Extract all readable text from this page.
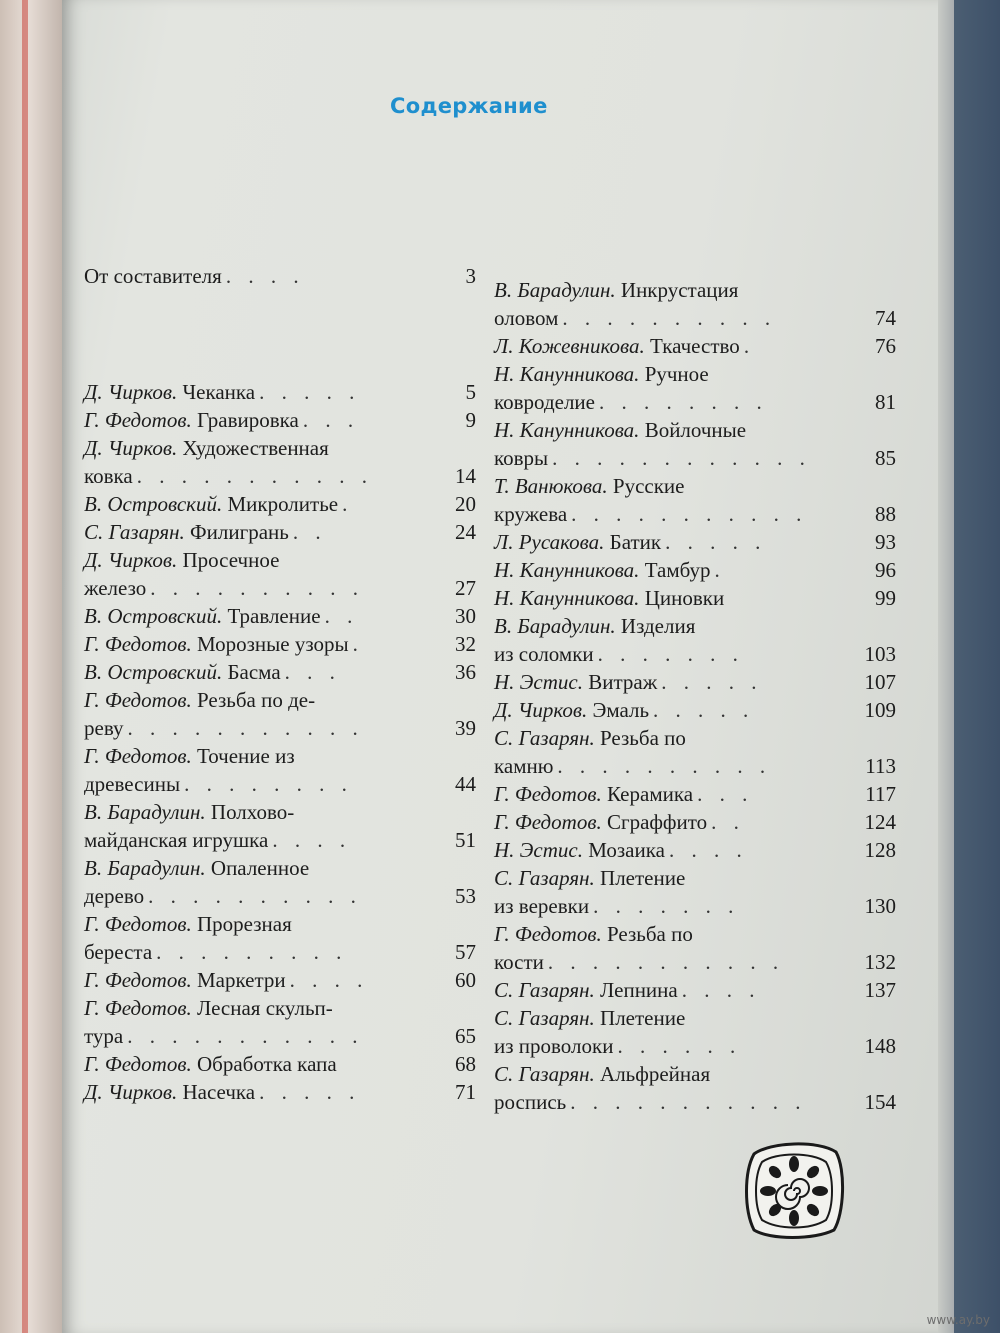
Содержание
От составителя . . . .	3
Д. Чирков. Чеканка . . . . .	5
Г. Федотов. Гравировка . . .	9
Д. Чирков. Художественная
ковка . . . . . . . . . . .	14
В. Островский. Микролитье .	20
С. Газарян. Филигрань . .	24
Д. Чирков. Просечное
железо . . . . . . . . . .	27
В. Островский. Травление . .	30
Г. Федотов. Морозные узоры .	32
В. Островский. Басма . . .	36
Г. Федотов. Резьба по де-
реву . . . . . . . . . . .	39
Г. Федотов. Точение из
древесины . . . . . . . .	44
В. Барадулин. Полхово-
майданская игрушка . . . .	51
В. Барадулин. Опаленное
дерево . . . . . . . . . .	53
Г. Федотов. Прорезная
береста . . . . . . . . .	57
Г. Федотов. Маркетри . . . .	60
Г. Федотов. Лесная скульп-
тура . . . . . . . . . . .	65
Г. Федотов. Обработка капа	68
Д. Чирков. Насечка . . . . .	71
В. Барадулин. Инкрустация
оловом . . . . . . . . . .	74
Л. Кожевникова. Ткачество .	76
Н. Канунникова. Ручное
ковроделие . . . . . . . .	81
Н. Канунникова. Войлочные
ковры . . . . . . . . . . . .	85
Т. Ванюкова. Русские
кружева . . . . . . . . . . .	88
Л. Русакова. Батик . . . . .	93
Н. Канунникова. Тамбур .	96
Н. Канунникова. Циновки	99
В. Барадулин. Изделия
из соломки . . . . . . .	103
Н. Эстис. Витраж . . . . .	107
Д. Чирков. Эмаль . . . . .	109
С. Газарян. Резьба по
камню . . . . . . . . . .	113
Г. Федотов. Керамика . . .	117
Г. Федотов. Сграффито . .	124
Н. Эстис. Мозаика . . . .	128
С. Газарян. Плетение
из веревки . . . . . . .	130
Г. Федотов. Резьба по
кости . . . . . . . . . . .	132
С. Газарян. Лепнина . . . .	137
С. Газарян. Плетение
из проволоки . . . . . .	148
С. Газарян. Альфрейная
роспись . . . . . . . . . . .	154
www.ay.by
